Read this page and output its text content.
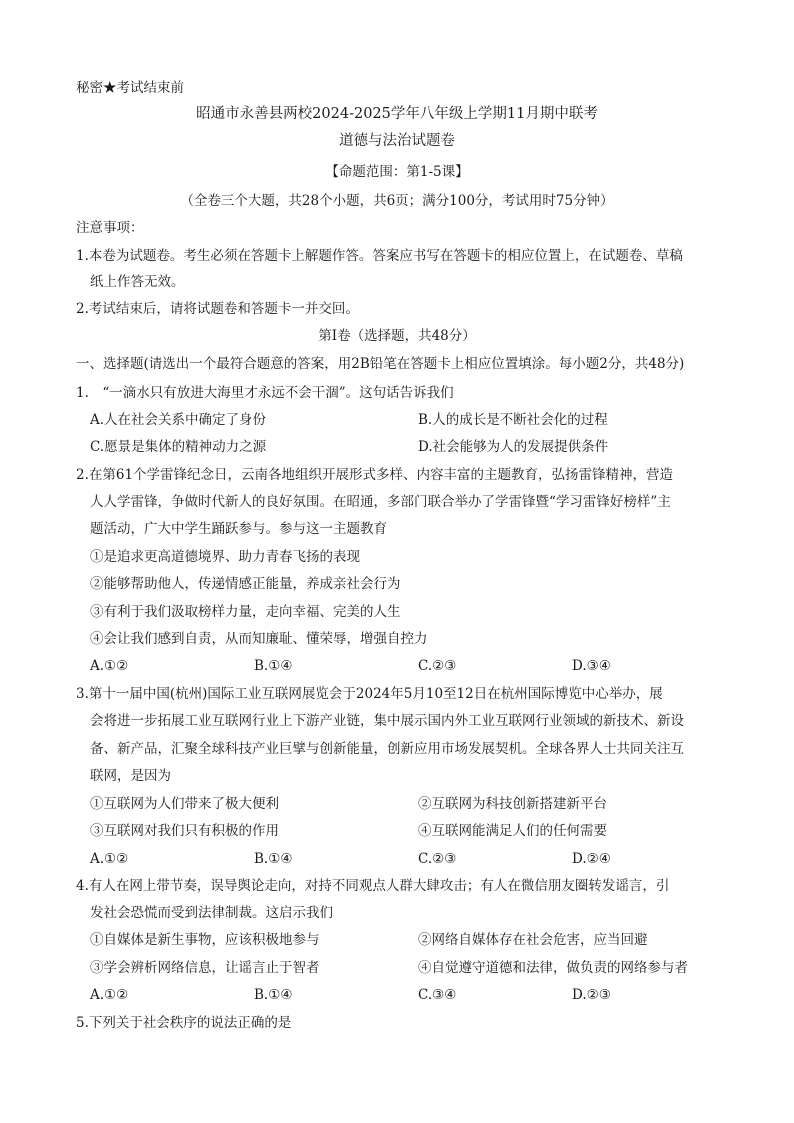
秘密★考试结束前
昭通市永善县两校2024-2025学年八年级上学期11月期中联考
道德与法治试题卷
【命题范围：第1-5课】
（全卷三个大题，共28个小题，共6页；满分100分，考试用时75分钟）
注意事项：
1.本卷为试题卷。考生必须在答题卡上解题作答。答案应书写在答题卡的相应位置上，在试题卷、草稿
纸上作答无效。
2.考试结束后，请将试题卷和答题卡一并交回。
第Ⅰ卷（选择题，共48分）
一、选择题(请选出一个最符合题意的答案，用2B铅笔在答题卡上相应位置填涂。每小题2分，共48分)
1.　“一滴水只有放进大海里才永远不会干涸”。这句话告诉我们
A.人在社会关系中确定了身份	B.人的成长是不断社会化的过程
C.愿景是集体的精神动力之源	D.社会能够为人的发展提供条件
2.在第61个学雷锋纪念日，云南各地组织开展形式多样、内容丰富的主题教育，弘扬雷锋精神，营造
人人学雷锋，争做时代新人的良好氛围。在昭通，多部门联合举办了学雷锋暨“学习雷锋好榜样”主
题活动，广大中学生踊跃参与。参与这一主题教育
①是追求更高道德境界、助力青春飞扬的表现
②能够帮助他人，传递情感正能量，养成亲社会行为
③有利于我们汲取榜样力量，走向幸福、完美的人生
④会让我们感到自责，从而知廉耻、懂荣辱，增强自控力
A.①②	B.①④	C.②③	D.③④
3.第十一届中国(杭州)国际工业互联网展览会于2024年5月10至12日在杭州国际博览中心举办，展
会将进一步拓展工业互联网行业上下游产业链，集中展示国内外工业互联网行业领域的新技术、新设
备、新产品，汇聚全球科技产业巨擘与创新能量，创新应用市场发展契机。全球各界人士共同关注互
联网，是因为
①互联网为人们带来了极大便利	②互联网为科技创新搭建新平台
③互联网对我们只有积极的作用	④互联网能满足人们的任何需要
A.①②	B.①④	C.②③	D.②④
4.有人在网上带节奏，误导舆论走向，对持不同观点人群大肆攻击；有人在微信朋友圈转发谣言，引
发社会恐慌而受到法律制裁。这启示我们
①自媒体是新生事物，应该积极地参与	②网络自媒体存在社会危害，应当回避
③学会辨析网络信息，让谣言止于智者	④自觉遵守道德和法律，做负责的网络参与者
A.①②	B.①④	C.③④	D.②③
5.下列关于社会秩序的说法正确的是
